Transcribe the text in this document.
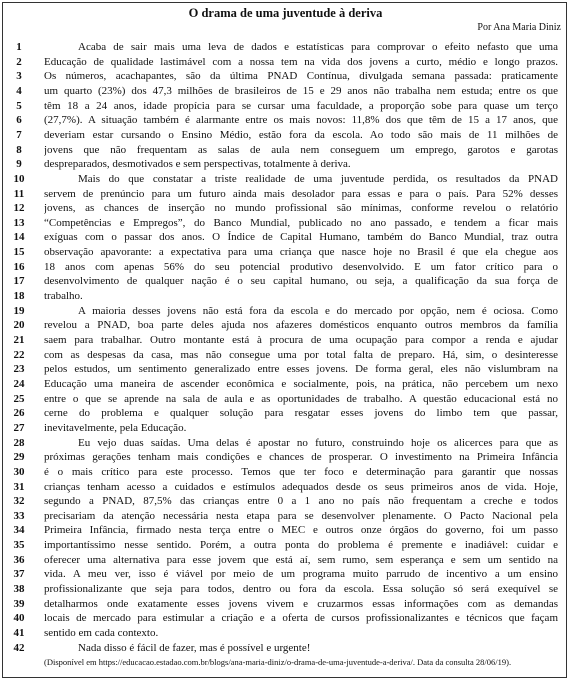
O drama de uma juventude à deriva
Por Ana Maria Diniz
1	Acaba de sair mais uma leva de dados e estatísticas para comprovar o efeito nefasto que uma
2	Educação de qualidade lastimável com a nossa tem na vida dos jovens a curto, médio e longo prazos.
3	Os números, acachapantes, são da última PNAD Contínua, divulgada semana passada: praticamente
4	um quarto (23%) dos 47,3 milhões de brasileiros de 15 e 29 anos não trabalha nem estuda; entre os que
5	têm 18 a 24 anos, idade propícia para se cursar uma faculdade, a proporção sobe para quase um terço
6	(27,7%). A situação também é alarmante entre os mais novos: 11,8% dos que têm de 15 a 17 anos, que
7	deveriam estar cursando o Ensino Médio, estão fora da escola. Ao todo são mais de 11 milhões de
8	jovens que não frequentam as salas de aula nem conseguem um emprego, garotos e garotas
9	despreparados, desmotivados e sem perspectivas, totalmente à deriva.
10	Mais do que constatar a triste realidade de uma juventude perdida, os resultados da PNAD
11	servem de prenúncio para um futuro ainda mais desolador para essas e para o país. Para 52% desses
12	jovens, as chances de inserção no mundo profissional são mínimas, conforme revelou o relatório
13	“Competências e Empregos”, do Banco Mundial, publicado no ano passado, e tendem a ficar mais
14	exíguas com o passar dos anos. O Índice de Capital Humano, também do Banco Mundial, traz outra
15	observação apavorante: a expectativa para uma criança que nasce hoje no Brasil é que ela chegue aos
16	18 anos com apenas 56% do seu potencial produtivo desenvolvido. E um fator crítico para o
17	desenvolvimento de qualquer nação é o seu capital humano, ou seja, a qualificação da sua força de
18	trabalho.
19	A maioria desses jovens não está fora da escola e do mercado por opção, nem é ociosa. Como
20	revelou a PNAD, boa parte deles ajuda nos afazeres domésticos enquanto outros membros da família
21	saem para trabalhar. Outro montante está à procura de uma ocupação para compor a renda e ajudar
22	com as despesas da casa, mas não consegue uma por total falta de preparo. Há, sim, o desinteresse
23	pelos estudos, um sentimento generalizado entre esses jovens. De forma geral, eles não vislumbram na
24	Educação uma maneira de ascender econômica e socialmente, pois, na prática, não percebem um nexo
25	entre o que se aprende na sala de aula e as oportunidades de trabalho. A questão educacional está no
26	cerne do problema e qualquer solução para resgatar esses jovens do limbo tem que passar,
27	inevitavelmente, pela Educação.
28	Eu vejo duas saídas. Uma delas é apostar no futuro, construindo hoje os alicerces para que as
29	próximas gerações tenham mais condições e chances de prosperar. O investimento na Primeira Infância
30	é o mais crítico para este processo. Temos que ter foco e determinação para garantir que nossas
31	crianças tenham acesso a cuidados e estímulos adequados desde os seus primeiros anos de vida. Hoje,
32	segundo a PNAD, 87,5% das crianças entre 0 a 1 ano no país não frequentam a creche e todos
33	precisariam da atenção necessária nesta etapa para se desenvolver plenamente. O Pacto Nacional pela
34	Primeira Infância, firmado nesta terça entre o MEC e outros onze órgãos do governo, foi um passo
35	importantíssimo nesse sentido. Porém, a outra ponta do problema é premente e inadiável: cuidar e
36	oferecer uma alternativa para esse jovem que está aí, sem rumo, sem esperança e sem um sentido na
37	vida. A meu ver, isso é viável por meio de um programa muito parrudo de incentivo a um ensino
38	profissionalizante que seja para todos, dentro ou fora da escola. Essa solução só será exequível se
39	detalharmos onde exatamente esses jovens vivem e cruzarmos essas informações com as demandas
40	locais de mercado para estimular a criação e a oferta de cursos profissionalizantes e técnicos que façam
41	sentido em cada contexto.
42	Nada disso é fácil de fazer, mas é possível e urgente!
(Disponível em https://educacao.estadao.com.br/blogs/ana-maria-diniz/o-drama-de-uma-juventude-a-deriva/. Data da consulta 28/06/19).
